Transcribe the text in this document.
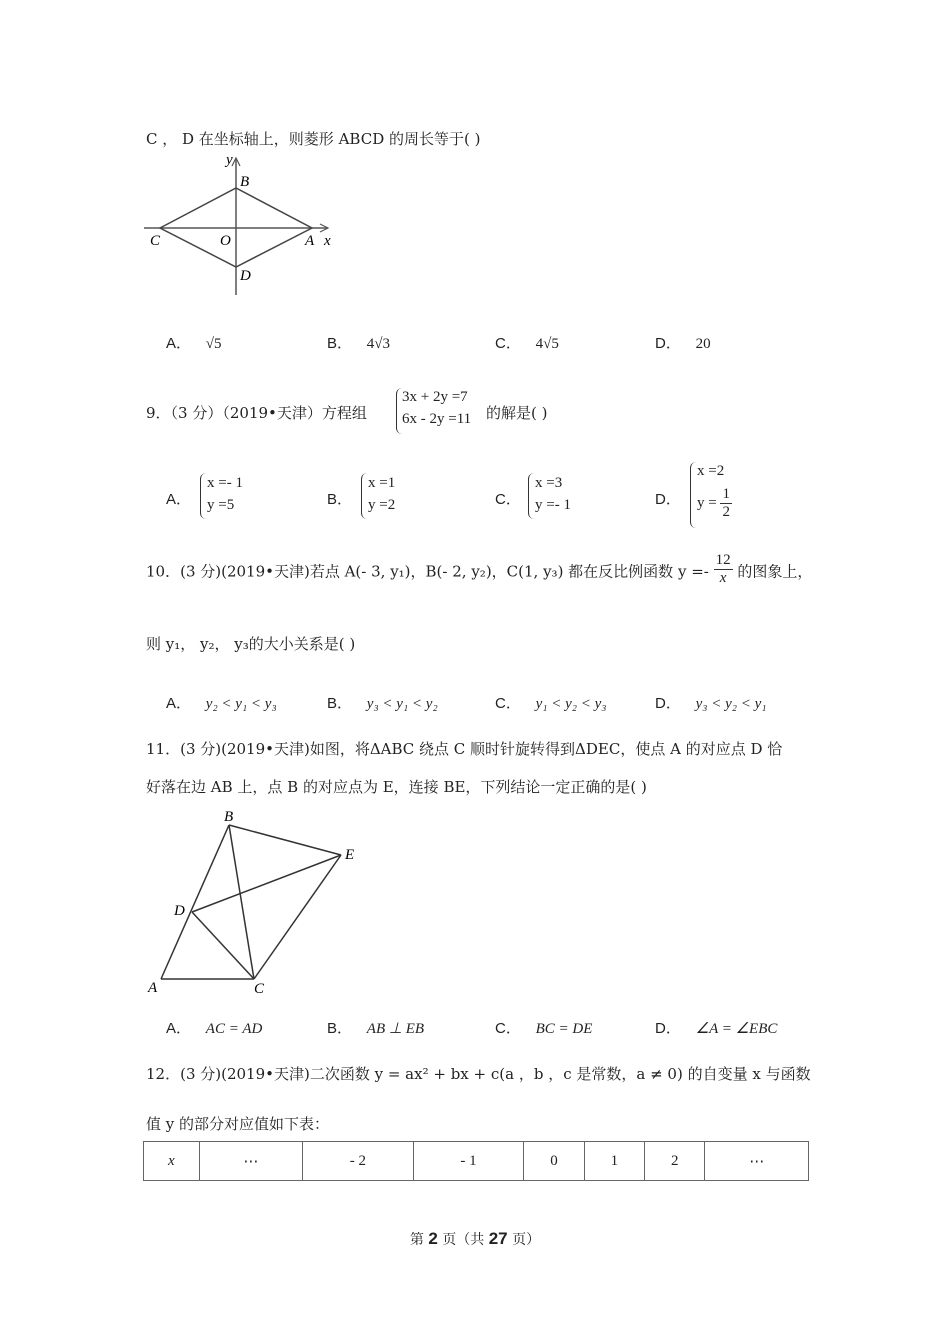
C ， D 在坐标轴上，则菱形 ABCD 的周长等于( )
y
B
C	O	A x
D
A． √5	B． 4√3	C． 4√5	D． 20
9．（3 分）（2019•天津）方程组
3x + 2y =7
6x - 2y =11 的解是( )
A．
x =- 1
y =5	B．
x =1
y =2	C．
x =3
y =- 1	D．
x =2
$y = \frac{1}{2}$
10．(3 分)(2019•天津)若点 A(- 3, y₁)，B(- 2, y₂)，C(1, y₃) 都在反比例函数 $y =- \frac{12}{x}$ 的图象上，
则 y₁， y₂， y₃的大小关系是( )
A． y₂ < y₁ < y₃	B． y₃ < y₁ < y₂	C． y₁ < y₂ < y₃	D． y₃ < y₂ < y₁
11．(3 分)(2019•天津)如图，将ΔABC 绕点 C 顺时针旋转得到ΔDEC，使点 A 的对应点 D 恰
好落在边 AB 上，点 B 的对应点为 E，连接 BE，下列结论一定正确的是( )
B
E
D
A	C
A． AC = AD	B． AB ⊥ EB	C． BC = DE	D． ∠A = ∠EBC
12．(3 分)(2019•天津)二次函数 y = ax² + bx + c(a ，b ，c 是常数，a ≠ 0) 的自变量 x 与函数
值 y 的部分对应值如下表：
x	⋯	- 2	- 1	0	1	2	⋯
第 2 页（共 27 页）
